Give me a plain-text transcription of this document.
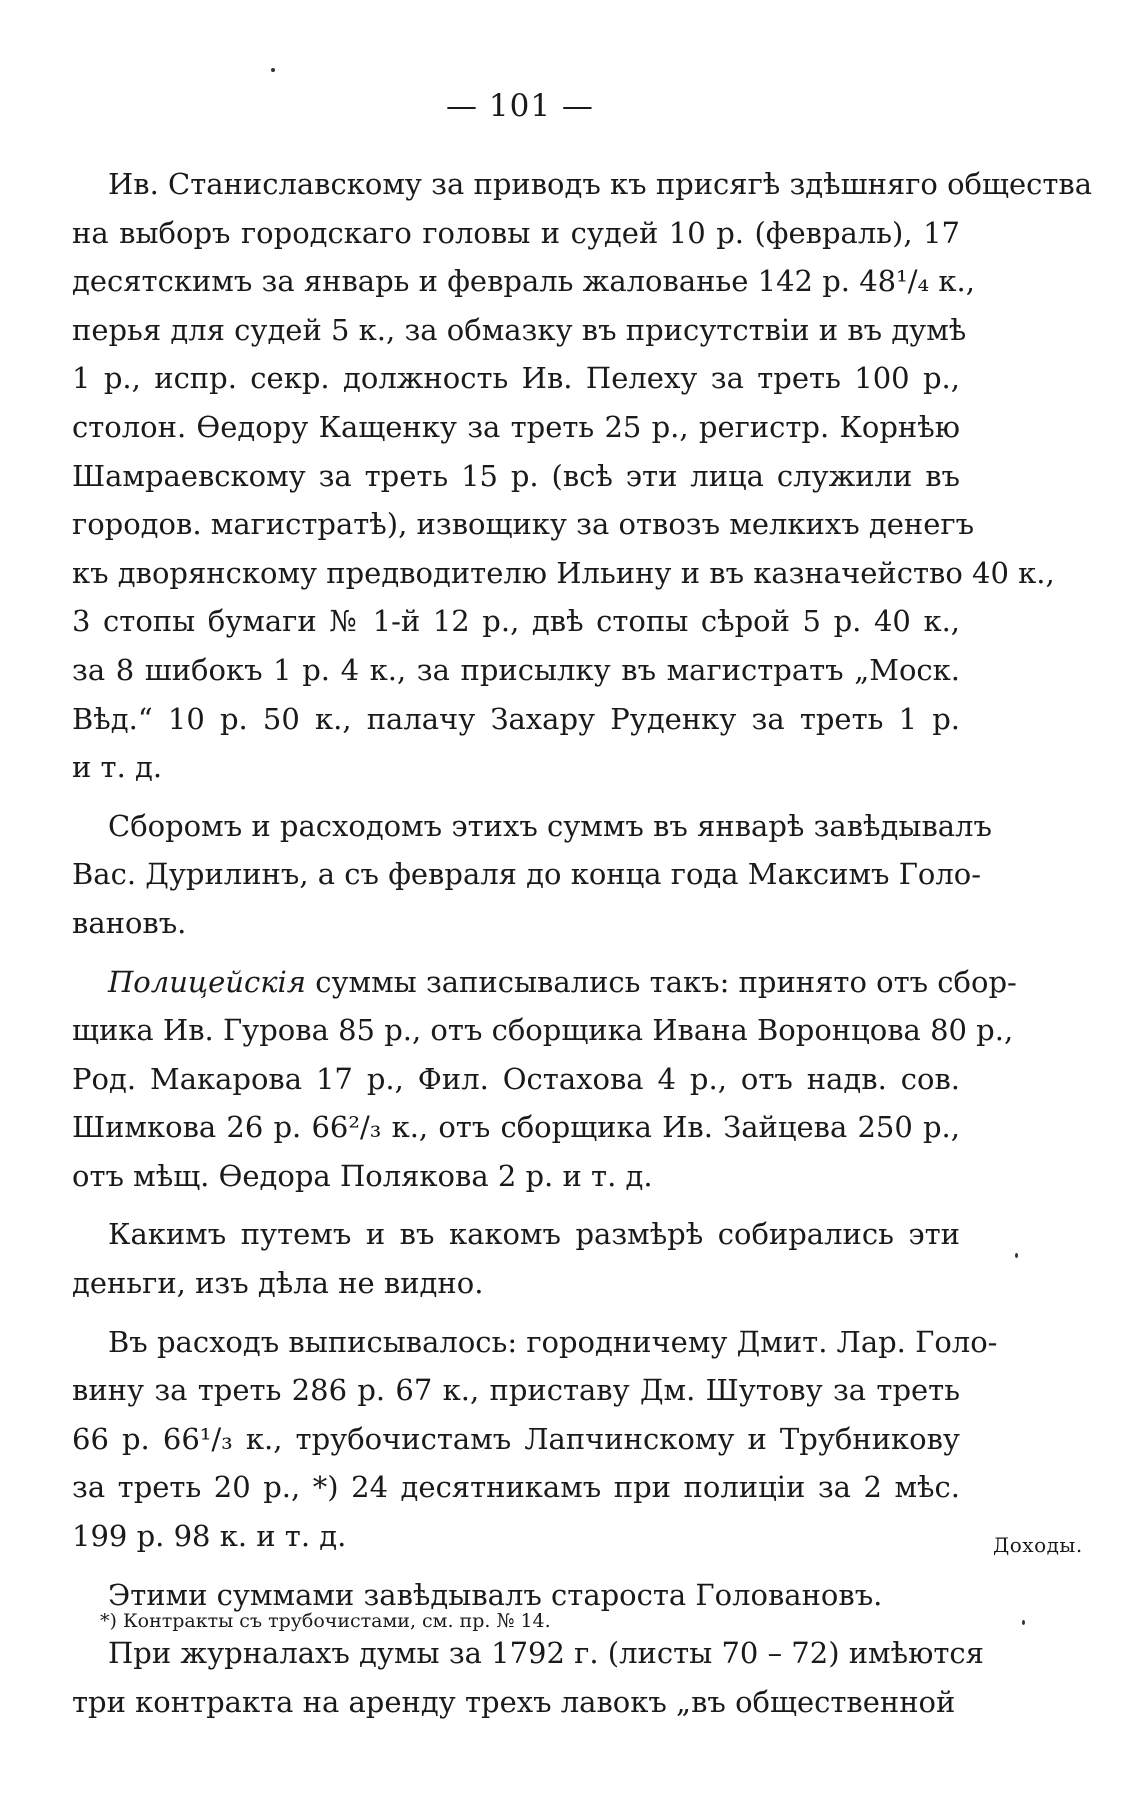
— 101 —
Ив. Станиславскому за приводъ къ присягѣ здѣшняго общества
на выборъ городскаго головы и судей 10 р. (февраль), 17
десятскимъ за январь и февраль жалованье 142 р. 48¹/₄ к.,
перья для судей 5 к., за обмазку въ присутствіи и въ думѣ
1 р., испр. секр. должность Ив. Пелеху за треть 100 р.,
столон. Ѳедору Кащенку за треть 25 р., регистр. Корнѣю
Шамраевскому за треть 15 р. (всѣ эти лица служили въ
городов. магистратѣ), извощику за отвозъ мелкихъ денегъ
къ дворянскому предводителю Ильину и въ казначейство 40 к.,
3 стопы бумаги № 1-й 12 р., двѣ стопы сѣрой 5 р. 40 к.,
за 8 шибокъ 1 р. 4 к., за присылку въ магистратъ „Моск.
Вѣд.“ 10 р. 50 к., палачу Захару Руденку за треть 1 р.
и т. д.
Сборомъ и расходомъ этихъ суммъ въ январѣ завѣдывалъ
Вас. Дурилинъ, а съ февраля до конца года Максимъ Голо-
вановъ.
Полицейскія суммы записывались такъ: принято отъ сбор-
щика Ив. Гурова 85 р., отъ сборщика Ивана Воронцова 80 р.,
Род. Макарова 17 р., Фил. Остахова 4 р., отъ надв. сов.
Шимкова 26 р. 66²/₃ к., отъ сборщика Ив. Зайцева 250 р.,
отъ мѣщ. Ѳедора Полякова 2 р. и т. д.
Какимъ путемъ и въ какомъ размѣрѣ собирались эти
деньги, изъ дѣла не видно.
Въ расходъ выписывалось: городничему Дмит. Лар. Голо-
вину за треть 286 р. 67 к., приставу Дм. Шутову за треть
66 р. 66¹/₃ к., трубочистамъ Лапчинскому и Трубникову
за треть 20 р., *) 24 десятникамъ при полиціи за 2 мѣс.
199 р. 98 к. и т. д.
Этими суммами завѣдывалъ староста Головановъ.
При журналахъ думы за 1792 г. (листы 70 – 72) имѣются
три контракта на аренду трехъ лавокъ „въ общественной
*) Контракты съ трубочистами, см. пр. № 14.
Доходы.
